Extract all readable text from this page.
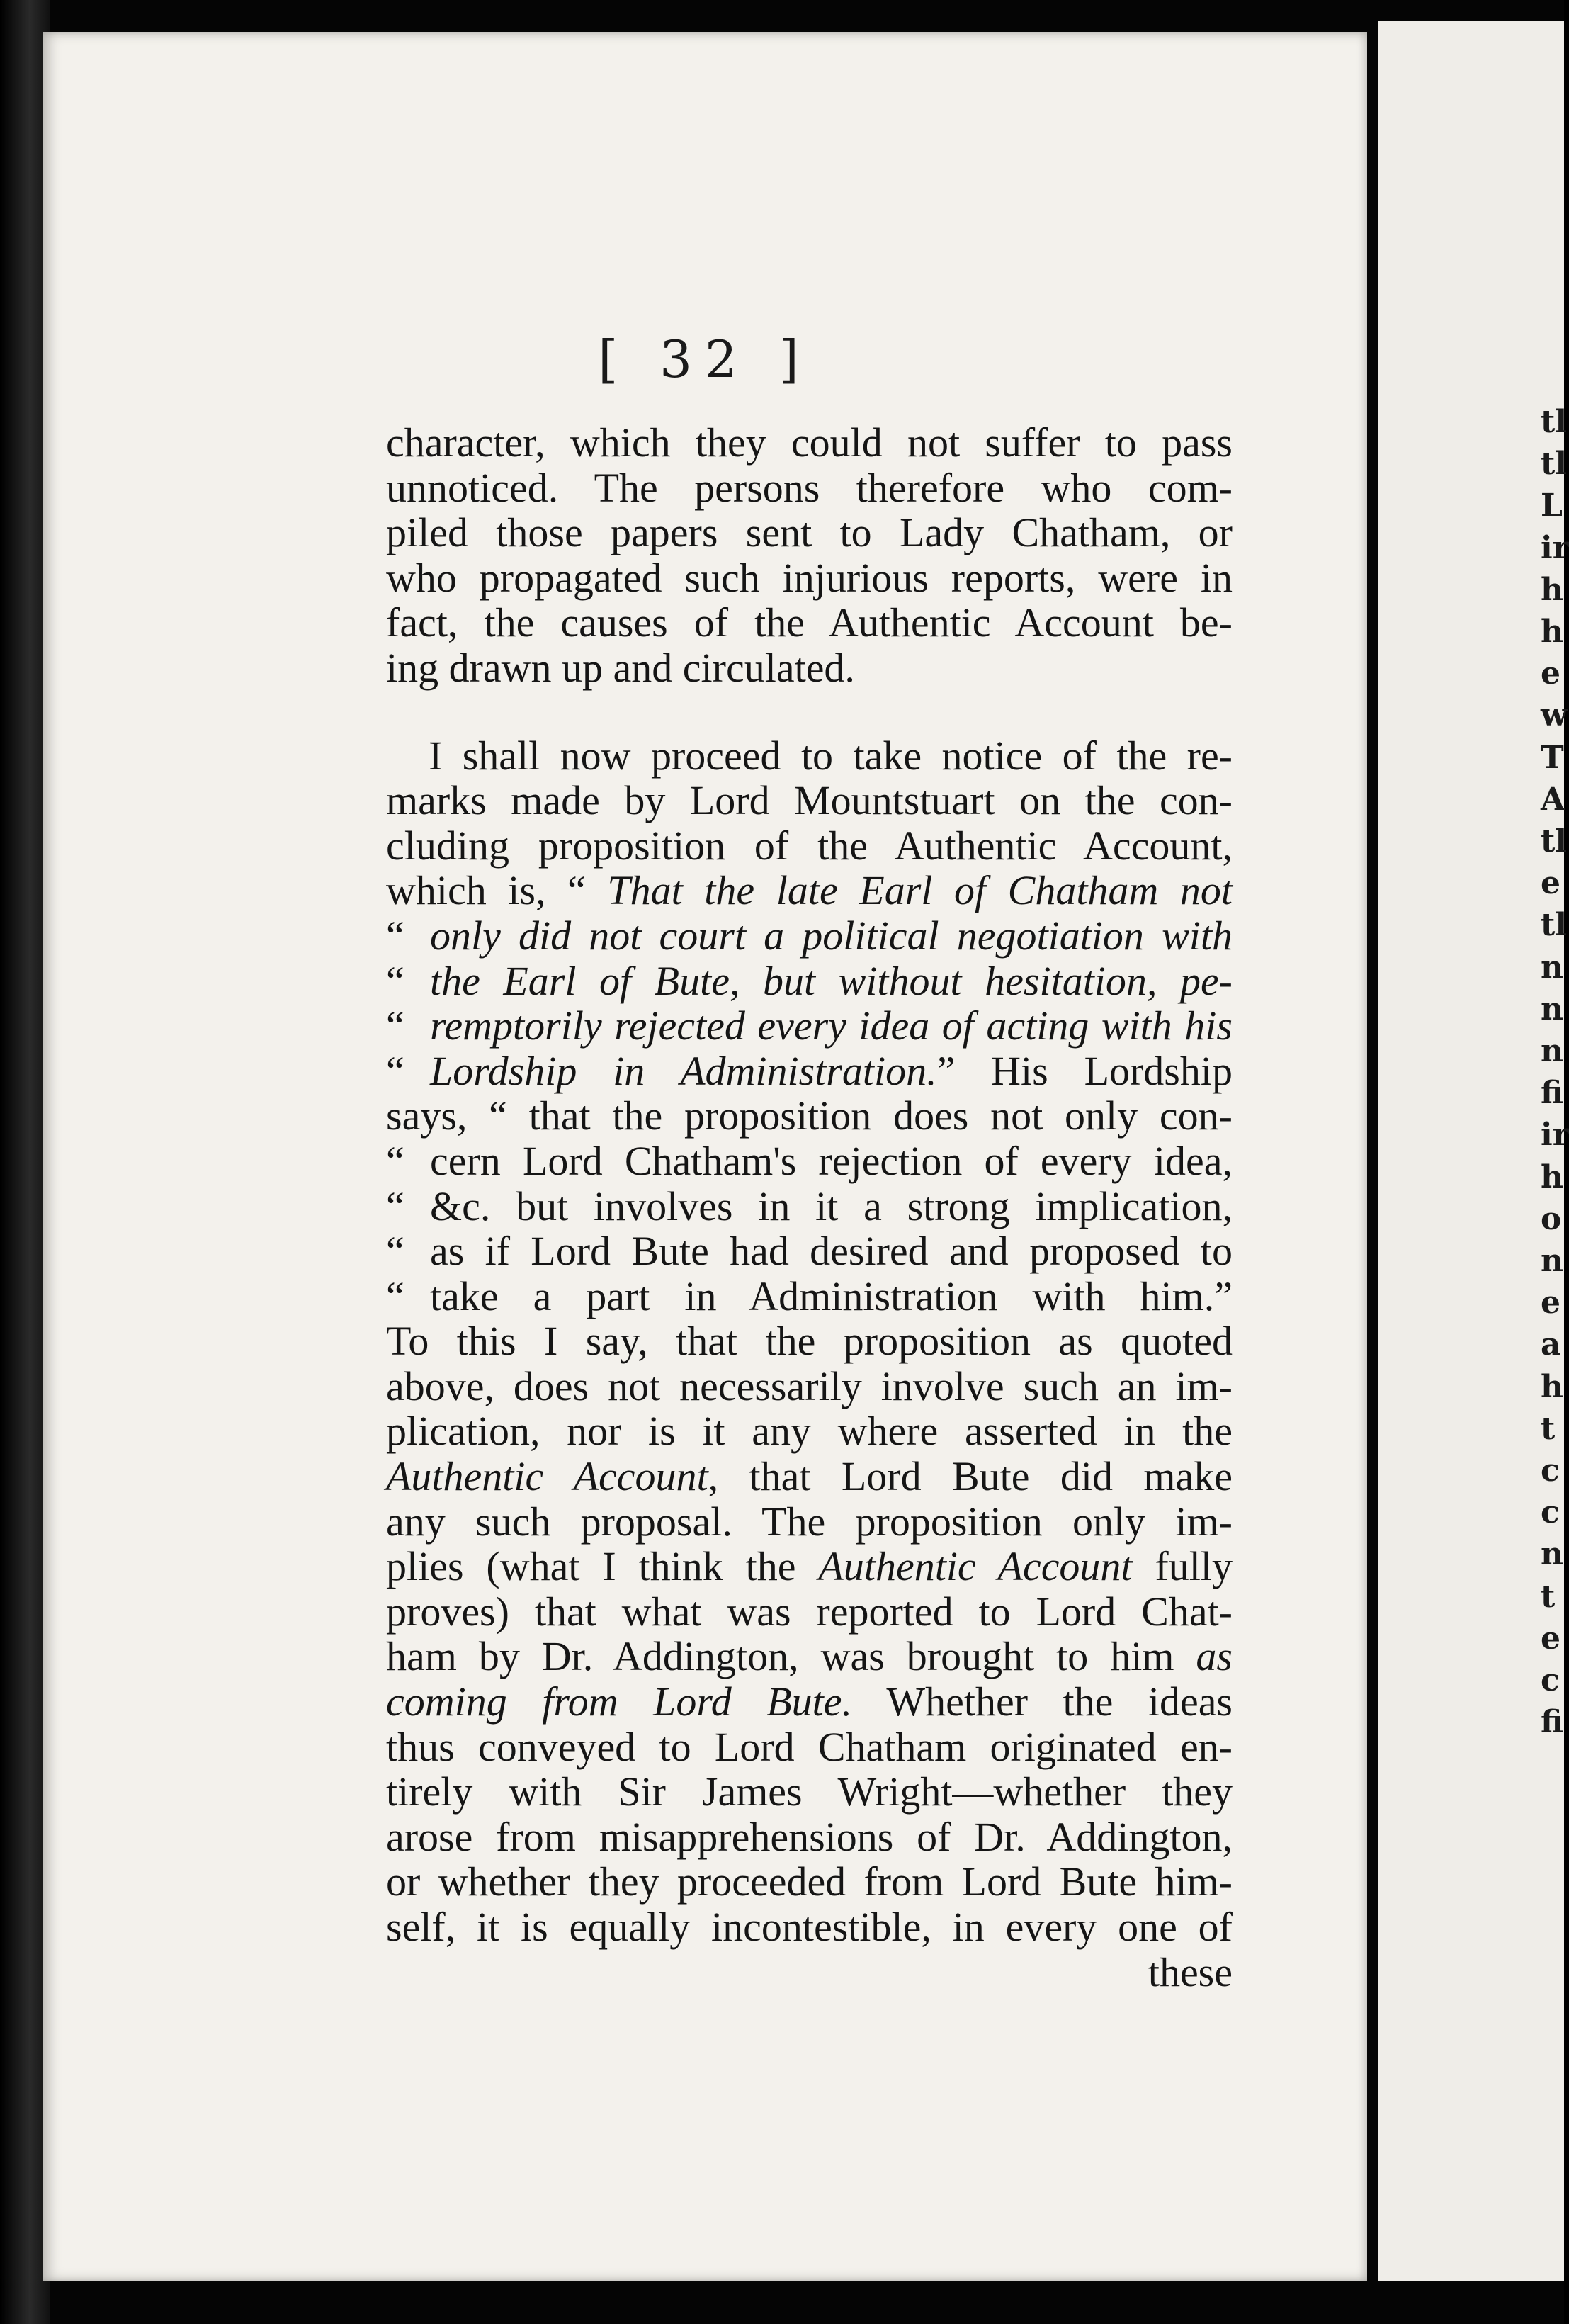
[ 32 ]
character, which they could not suffer to pass
unnoticed. The persons therefore who com-
piled those papers sent to Lady Chatham, or
who propagated such injurious reports, were in
fact, the causes of the Authentic Account be-
ing drawn up and circulated.
I shall now proceed to take notice of the re-
marks made by Lord Mountstuart on the con-
cluding proposition of the Authentic Account,
which is, “ That the late Earl of Chatham not
“ only did not court a political negotiation with
“ the Earl of Bute, but without hesitation, pe-
“ remptorily rejected every idea of acting with his
“ Lordship in Administration.” His Lordship
says, “ that the proposition does not only con-
“ cern Lord Chatham's rejection of every idea,
“ &c. but involves in it a strong implication,
“ as if Lord Bute had desired and proposed to
“ take a part in Administration with him.”
To this I say, that the proposition as quoted
above, does not necessarily involve such an im-
plication, nor is it any where asserted in the
Authentic Account, that Lord Bute did make
any such proposal. The proposition only im-
plies (what I think the Authentic Account fully
proves) that what was reported to Lord Chat-
ham by Dr. Addington, was brought to him as
coming from Lord Bute. Whether the ideas
thus conveyed to Lord Chatham originated en-
tirely with Sir James Wright—whether they
arose from misapprehensions of Dr. Addington,
or whether they proceeded from Lord Bute him-
self, it is equally incontestible, in every one of
these
tl
tl
L
ir
h
h
e
w
T
A
tl
e
tl
n
n
n
fi
ir
h
o
n
e
a
h
t
c
c
n
t
e
c
fi
